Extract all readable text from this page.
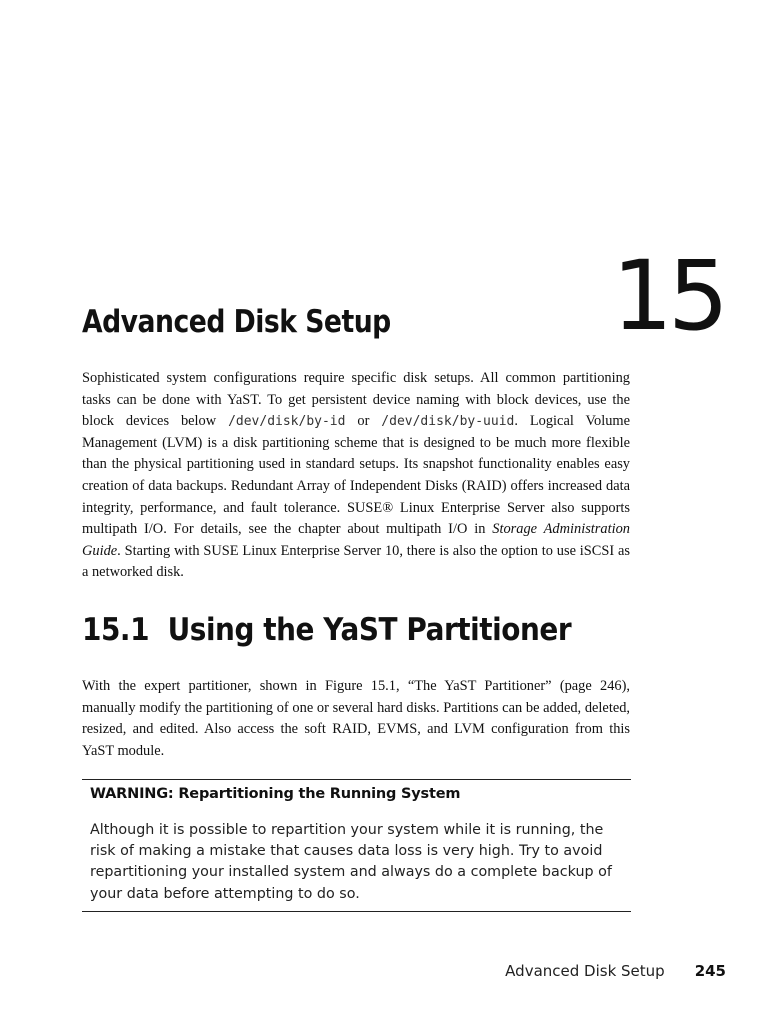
15
Advanced Disk Setup

Sophisticated system configurations require specific disk setups. All common partitioning tasks can be done with YaST. To get persistent device naming with block devices, use the block devices below /dev/disk/by-id or /dev/disk/by-uuid. Logical Volume Management (LVM) is a disk partitioning scheme that is designed to be much more flexible than the physical partitioning used in standard setups. Its snapshot functionality enables easy creation of data backups. Redundant Array of Independent Disks (RAID) offers increased data integrity, performance, and fault tolerance. SUSE® Linux Enterprise Server also supports multipath I/O. For details, see the chapter about multipath I/O in Storage Administration Guide. Starting with SUSE Linux Enterprise Server 10, there is also the option to use iSCSI as a networked disk.

15.1 Using the YaST Partitioner

With the expert partitioner, shown in Figure 15.1, “The YaST Partitioner” (page 246), manually modify the partitioning of one or several hard disks. Partitions can be added, deleted, resized, and edited. Also access the soft RAID, EVMS, and LVM configuration from this YaST module.

WARNING: Repartitioning the Running System

Although it is possible to repartition your system while it is running, the risk of making a mistake that causes data loss is very high. Try to avoid repartitioning your installed system and always do a complete backup of your data before attempting to do so.

Advanced Disk Setup 245
